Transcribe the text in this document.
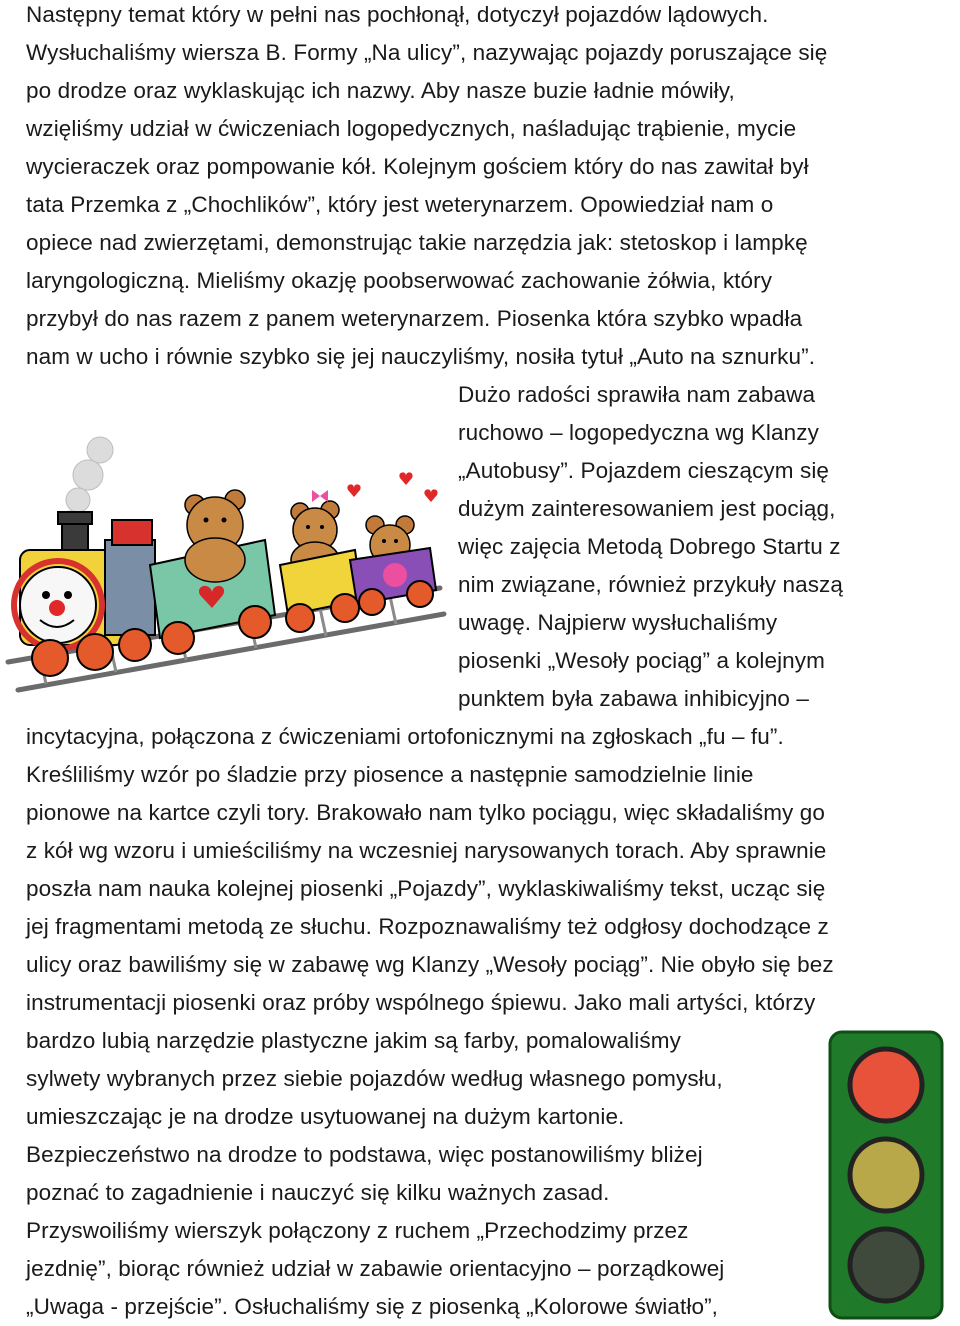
Następny temat który w pełni nas pochłonął, dotyczył pojazdów lądowych.
Wysłuchaliśmy wiersza B. Formy „Na ulicy”, nazywając pojazdy poruszające się
po drodze oraz wyklaskując ich nazwy. Aby nasze buzie ładnie mówiły,
wzięliśmy udział w ćwiczeniach logopedycznych, naśladując trąbienie, mycie
wycieraczek oraz pompowanie kół. Kolejnym gościem który do nas zawitał był
tata Przemka z „Chochlików”, który jest weterynarzem. Opowiedział nam o
opiece nad zwierzętami, demonstrując takie narzędzia jak: stetoskop i lampkę
laryngologiczną. Mieliśmy okazję poobserwować zachowanie żółwia, który
przybył do nas razem z panem weterynarzem. Piosenka która szybko wpadła
nam w ucho i równie szybko się jej nauczyliśmy, nosiła tytuł „Auto na sznurku”.
Dużo radości sprawiła nam zabawa
ruchowo – logopedyczna wg Klanzy
„Autobusy”. Pojazdem cieszącym się
dużym zainteresowaniem jest pociąg,
więc zajęcia Metodą Dobrego Startu z
nim związane, również przykuły naszą
uwagę. Najpierw wysłuchaliśmy
piosenki „Wesoły pociąg” a kolejnym
punktem była zabawa inhibicyjno –
incytacyjna, połączona z ćwiczeniami ortofonicznymi na zgłoskach „fu – fu”.
Kreśliliśmy wzór po śladzie przy piosence a następnie samodzielnie linie
pionowe na kartce czyli tory. Brakowało nam tylko pociągu, więc składaliśmy go
z kół wg wzoru i umieściliśmy na wczesniej narysowanych torach. Aby sprawnie
poszła nam nauka kolejnej piosenki „Pojazdy”, wyklaskiwaliśmy tekst, ucząc się
jej fragmentami metodą ze słuchu. Rozpoznawaliśmy też odgłosy dochodzące z
ulicy oraz bawiliśmy się w zabawę wg Klanzy „Wesoły pociąg”. Nie obyło się bez
instrumentacji piosenki oraz próby wspólnego śpiewu. Jako mali artyści, którzy
bardzo lubią narzędzie plastyczne jakim są farby, pomalowaliśmy
sylwety wybranych przez siebie pojazdów według własnego pomysłu,
umieszczając je na drodze usytuowanej na dużym kartonie.
Bezpieczeństwo na drodze to podstawa, więc postanowiliśmy bliżej
poznać to zagadnienie i nauczyć się kilku ważnych zasad.
Przyswoiliśmy wierszyk połączony z ruchem „Przechodzimy przez
jezdnię”, biorąc również udział w zabawie orientacyjno – porządkowej
„Uwaga - przejście”. Osłuchaliśmy się z piosenką „Kolorowe światło”,
